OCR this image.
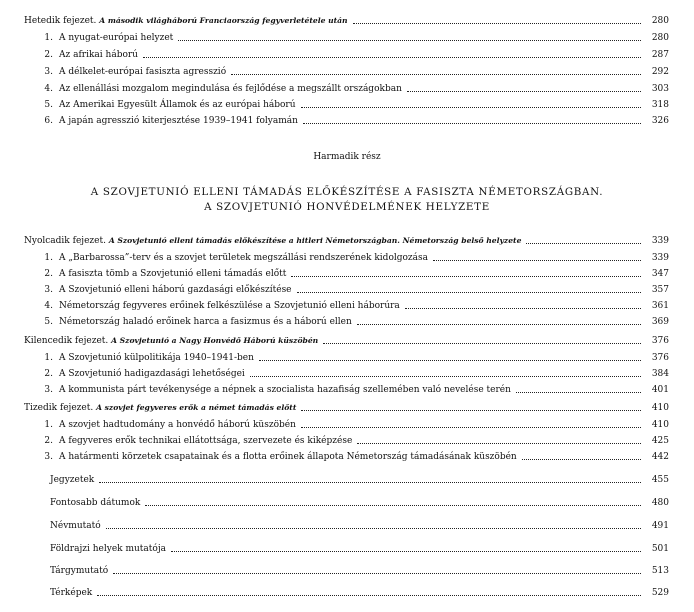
Hetedik fejezet. A második világháború Franciaország fegyverletétele után	280
1. A nyugat-európai helyzet	280
2. Az afrikai háború	287
3. A délkelet-európai fasiszta agresszió	292
4. Az ellenállási mozgalom megindulása és fejlődése a megszállt országokban	303
5. Az Amerikai Egyesült Államok és az európai háború	318
6. A japán agresszió kiterjesztése 1939–1941 folyamán	326
Harmadik rész
A SZOVJETUNIÓ ELLENI TÁMADÁS ELŐKÉSZÍTÉSE A FASISZTA NÉMETORSZÁGBAN.
A SZOVJETUNIÓ HONVÉDELMÉNEK HELYZETE
Nyolcadik fejezet. A Szovjetunió elleni támadás előkészítése a hitleri Németországban. Németország belső helyzete	339
1. A „Barbarossa”-terv és a szovjet területek megszállási rendszerének kidolgozása	339
2. A fasiszta tömb a Szovjetunió elleni támadás előtt	347
3. A Szovjetunió elleni háború gazdasági előkészítése	357
4. Németország fegyveres erőinek felkészülése a Szovjetunió elleni háborúra	361
5. Németország haladó erőinek harca a fasizmus és a háború ellen	369
Kilencedik fejezet. A Szovjetunió a Nagy Honvédő Háború küszöbén	376
1. A Szovjetunió külpolitikája 1940–1941-ben	376
2. A Szovjetunió hadigazdasági lehetőségei	384
3. A kommunista párt tevékenysége a népnek a szocialista hazafiság szellemében való nevelése terén	401
Tizedik fejezet. A szovjet fegyveres erők a német támadás előtt	410
1. A szovjet hadtudomány a honvédő háború küszöbén	410
2. A fegyveres erők technikai ellátottsága, szervezete és kiképzése	425
3. A határmenti körzetek csapatainak és a flotta erőinek állapota Németország támadásának küszöbén	442
Jegyzetek	455
Fontosabb dátumok	480
Névmutató	491
Földrajzi helyek mutatója	501
Tárgymutató	513
Térképek	529
